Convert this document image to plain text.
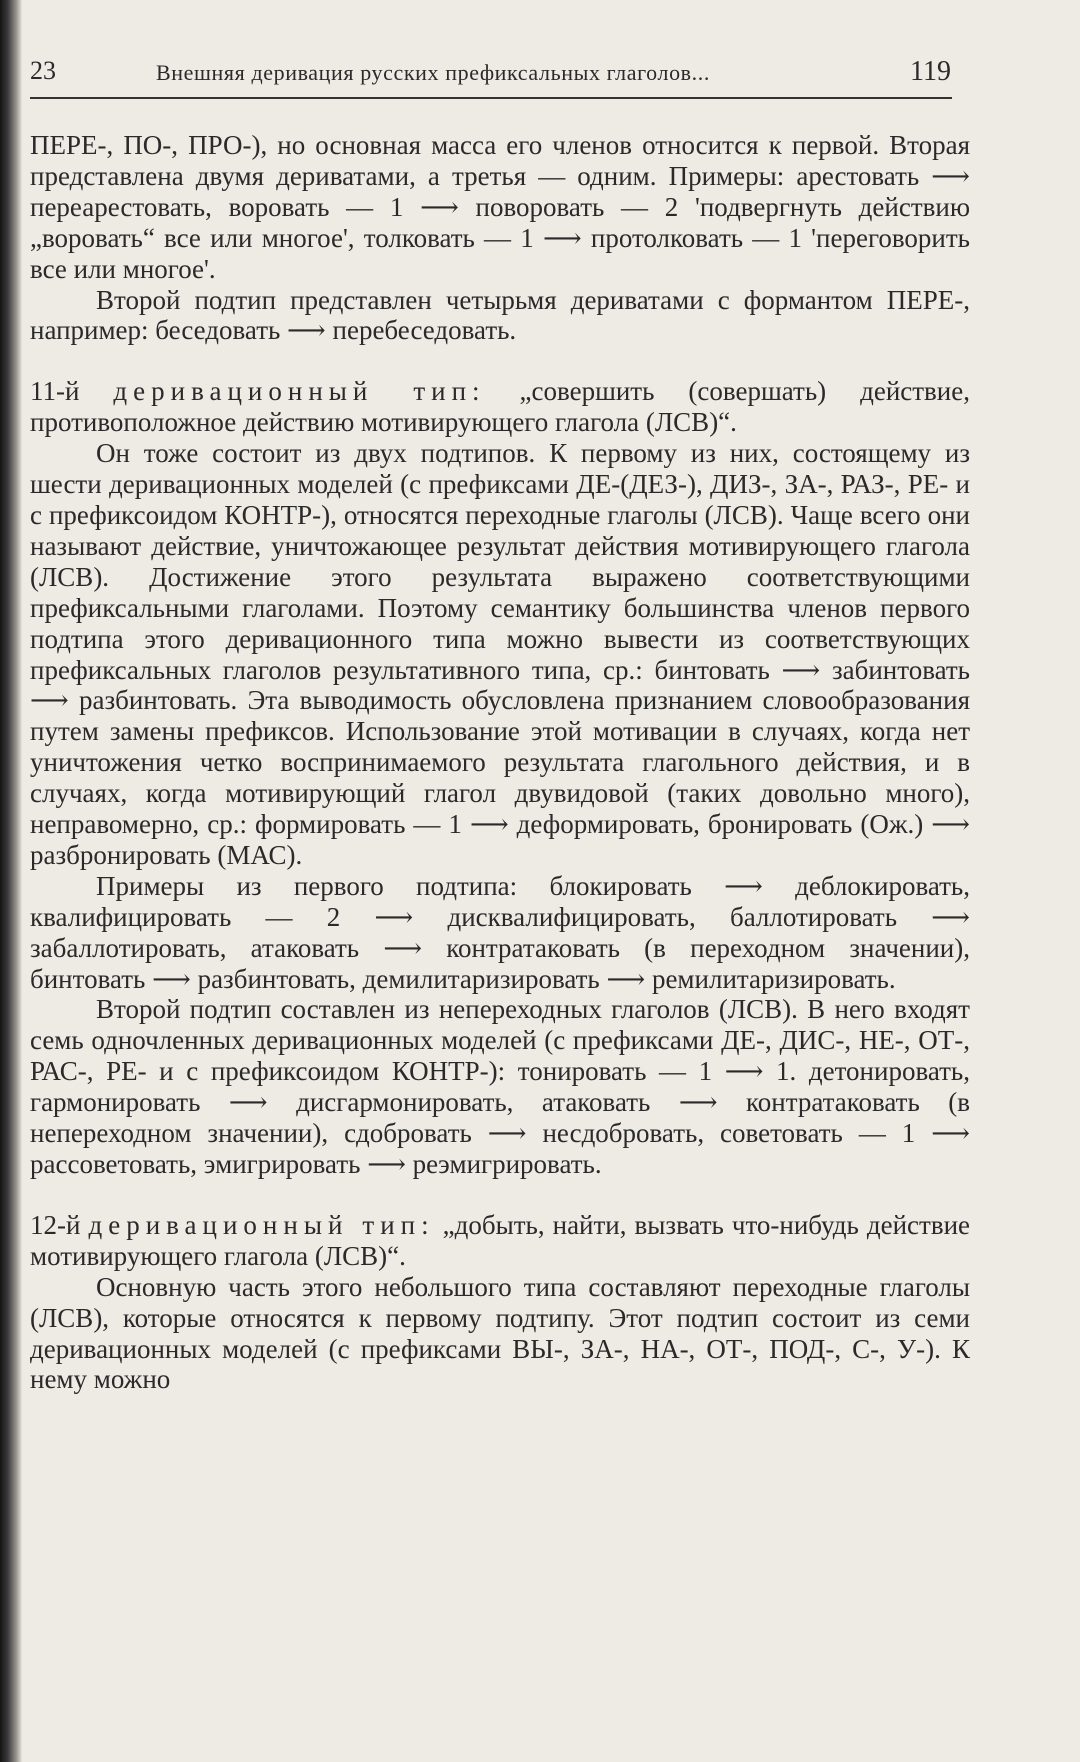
23	Внешняя деривация русских префиксальных глаголов...	119

ПЕРЕ-, ПО-, ПРО-), но основная масса его членов относится к первой. Вторая представлена двумя дериватами, а третья — одним. Примеры: арестовать ⟶ переарестовать, воровать — 1 ⟶ поворовать — 2 'подвергнуть действию „воровать“ все или многое', толковать — 1 ⟶ протолковать — 1 'переговорить все или многое'.

Второй подтип представлен четырьмя дериватами с формантом ПЕРЕ-, например: беседовать ⟶ перебеседовать.

11-й деривационный тип: „совершить (совершать) действие, противоположное действию мотивирующего глагола (ЛСВ)“.

Он тоже состоит из двух подтипов. К первому из них, состоящему из шести деривационных моделей (с префиксами ДЕ-(ДЕЗ-), ДИЗ-, ЗА-, РАЗ-, РЕ- и с префиксоидом КОНТР-), относятся переходные глаголы (ЛСВ). Чаще всего они называют действие, уничтожающее результат действия мотивирующего глагола (ЛСВ). Достижение этого результата выражено соответствующими префиксальными глаголами. Поэтому семантику большинства членов первого подтипа этого деривационного типа можно вывести из соответствующих префиксальных глаголов результативного типа, ср.: бинтовать ⟶ забинтовать ⟶ разбинтовать. Эта выводимость обусловлена признанием словообразования путем замены префиксов. Использование этой мотивации в случаях, когда нет уничтожения четко воспринимаемого результата глагольного действия, и в случаях, когда мотивирующий глагол двувидовой (таких довольно много), неправомерно, ср.: формировать — 1 ⟶ деформировать, бронировать (Ож.) ⟶ разбронировать (МАС).

Примеры из первого подтипа: блокировать ⟶ деблокировать, квалифицировать — 2 ⟶ дисквалифицировать, баллотировать ⟶ забаллотировать, атаковать ⟶ контратаковать (в переходном значении), бинтовать ⟶ разбинтовать, демилитаризировать ⟶ ремилитаризировать.

Второй подтип составлен из непереходных глаголов (ЛСВ). В него входят семь одночленных деривационных моделей (с префиксами ДЕ-, ДИС-, НЕ-, ОТ-, РАС-, РЕ- и с префиксоидом КОНТР-): тонировать — 1 ⟶ 1. детонировать, гармонировать ⟶ дисгармонировать, атаковать ⟶ контратаковать (в непереходном значении), сдобровать ⟶ несдобровать, советовать — 1 ⟶ рассоветовать, эмигрировать ⟶ реэмигрировать.

12-й деривационный тип: „добыть, найти, вызвать что-нибудь действие мотивирующего глагола (ЛСВ)“.

Основную часть этого небольшого типа составляют переходные глаголы (ЛСВ), которые относятся к первому подтипу. Этот подтип состоит из семи деривационных моделей (с префиксами ВЫ-, ЗА-, НА-, ОТ-, ПОД-, С-, У-). К нему можно
